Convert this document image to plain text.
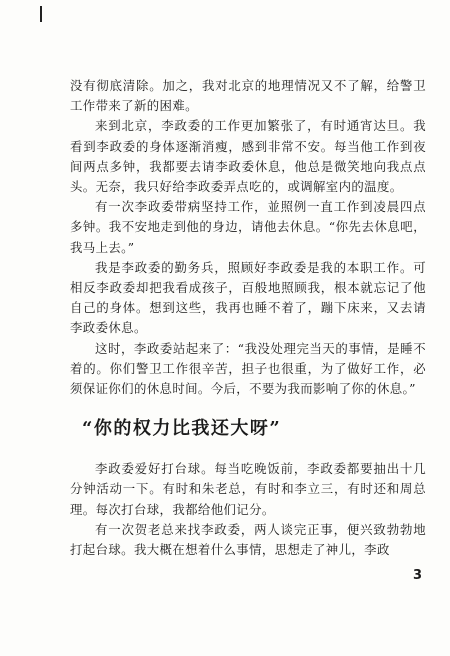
没有彻底清除。加之，我对北京的地理情况又不了解，给警卫工作带来了新的困难。

来到北京，李政委的工作更加繁张了，有时通宵达旦。我看到李政委的身体逐渐消瘦，感到非常不安。每当他工作到夜间两点多钟，我都要去请李政委休息，他总是微笑地向我点点头。无奈，我只好给李政委弄点吃的，或调解室内的温度。

有一次李政委带病坚持工作，並照例一直工作到凌晨四点多钟。我不安地走到他的身边，请他去休息。“你先去休息吧，我马上去。”

我是李政委的勤务兵，照顾好李政委是我的本职工作。可相反李政委却把我看成孩子，百般地照顾我，根本就忘记了他自己的身体。想到这些，我再也睡不着了，蹦下床来，又去请李政委休息。

这时，李政委站起来了：“我没处理完当天的事情，是睡不着的。你们警卫工作很辛苦，担子也很重，为了做好工作，必须保证你们的休息时间。今后，不要为我而影响了你的休息。”

“你的权力比我还大呀”

李政委爱好打台球。每当吃晚饭前，李政委都要抽出十几分钟活动一下。有时和朱老总，有时和李立三，有时还和周总理。每次打台球，我都给他们记分。

有一次贺老总来找李政委，两人谈完正事，便兴致勃勃地打起台球。我大概在想着什么事情，思想走了神儿，李政

3
